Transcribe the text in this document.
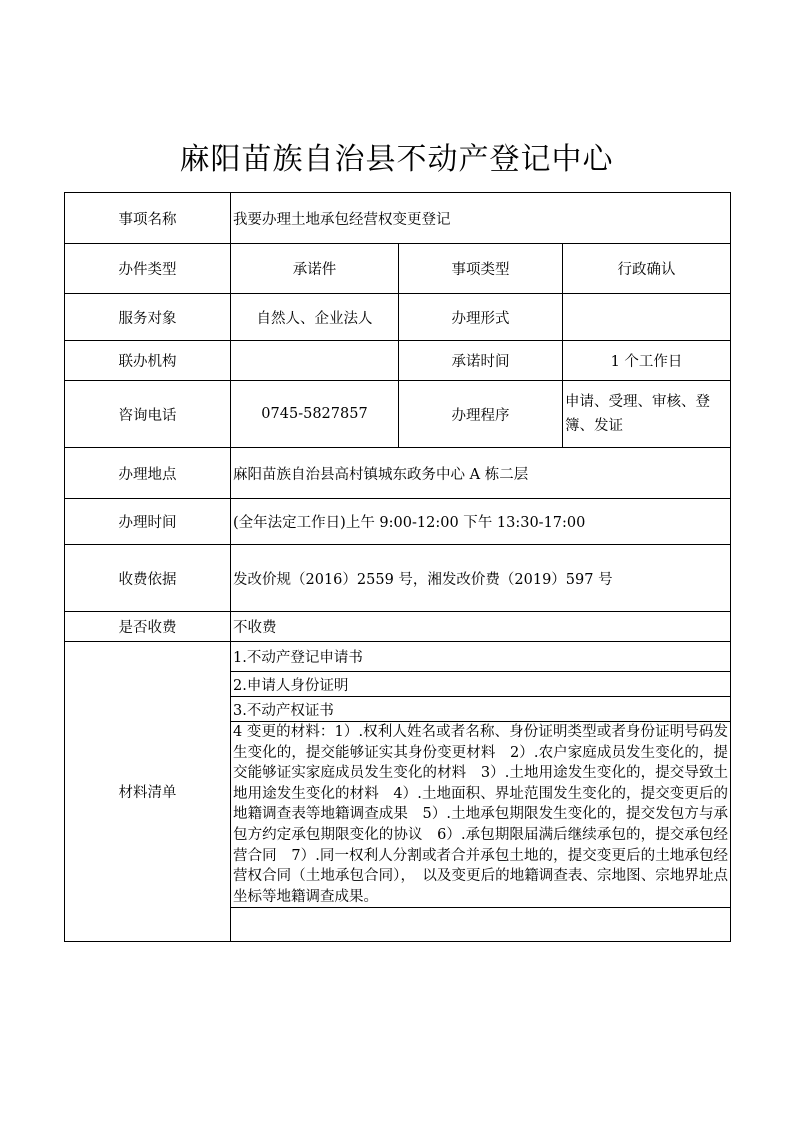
麻阳苗族自治县不动产登记中心
事项名称	我要办理土地承包经营权变更登记		
办件类型	承诺件	事项类型	行政确认
服务对象	自然人、企业法人	办理形式	
联办机构		承诺时间	1 个工作日
咨询电话	0745-5827857	办理程序	申请、受理、审核、登簿、发证
办理地点	麻阳苗族自治县高村镇城东政务中心 A 栋二层		
办理时间	(全年法定工作日)上午 9:00-12:00 下午 13:30-17:00		
收费依据	发改价规（2016）2559 号，湘发改价费（2019）597 号		
是否收费	不收费		
材料清单	1.不动产登记申请书		
	2.申请人身份证明		
	3.不动产权证书		
	4 变更的材料：1）.权利人姓名或者名称、身份证明类型或者身份证明号码发生变化的，提交能够证实其身份变更材料　2）.农户家庭成员发生变化的，提交能够证实家庭成员发生变化的材料　3）.土地用途发生变化的，提交导致土地用途发生变化的材料　4）.土地面积、界址范围发生变化的，提交变更后的地籍调查表等地籍调查成果　5）.土地承包期限发生变化的，提交发包方与承包方约定承包期限变化的协议　6）.承包期限届满后继续承包的，提交承包经营合同　7）.同一权利人分割或者合并承包土地的，提交变更后的土地承包经营权合同（土地承包合同），　以及变更后的地籍调查表、宗地图、宗地界址点坐标等地籍调查成果。		
